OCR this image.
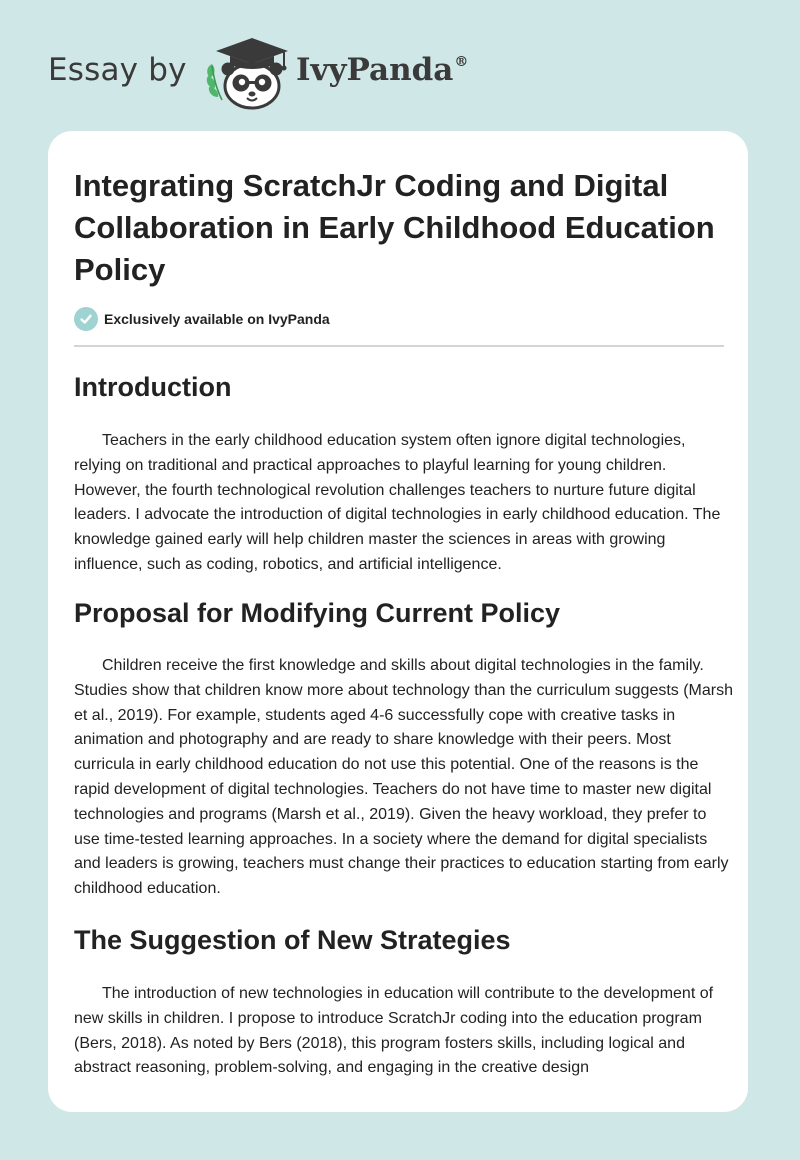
Essay by	IvyPanda®
Integrating ScratchJr Coding and Digital Collaboration in Early Childhood Education Policy
Exclusively available on IvyPanda
Introduction

Teachers in the early childhood education system often ignore digital technologies, relying on traditional and practical approaches to playful learning for young children. However, the fourth technological revolution challenges teachers to nurture future digital leaders. I advocate the introduction of digital technologies in early childhood education. The knowledge gained early will help children master the sciences in areas with growing influence, such as coding, robotics, and artificial intelligence.

Proposal for Modifying Current Policy

Children receive the first knowledge and skills about digital technologies in the family. Studies show that children know more about technology than the curriculum suggests (Marsh et al., 2019). For example, students aged 4-6 successfully cope with creative tasks in animation and photography and are ready to share knowledge with their peers. Most curricula in early childhood education do not use this potential. One of the reasons is the rapid development of digital technologies. Teachers do not have time to master new digital technologies and programs (Marsh et al., 2019). Given the heavy workload, they prefer to use time-tested learning approaches. In a society where the demand for digital specialists and leaders is growing, teachers must change their practices to education starting from early childhood education.

The Suggestion of New Strategies

The introduction of new technologies in education will contribute to the development of new skills in children. I propose to introduce ScratchJr coding into the education program (Bers, 2018). As noted by Bers (2018), this program fosters skills, including logical and abstract reasoning, problem-solving, and engaging in the creative design
